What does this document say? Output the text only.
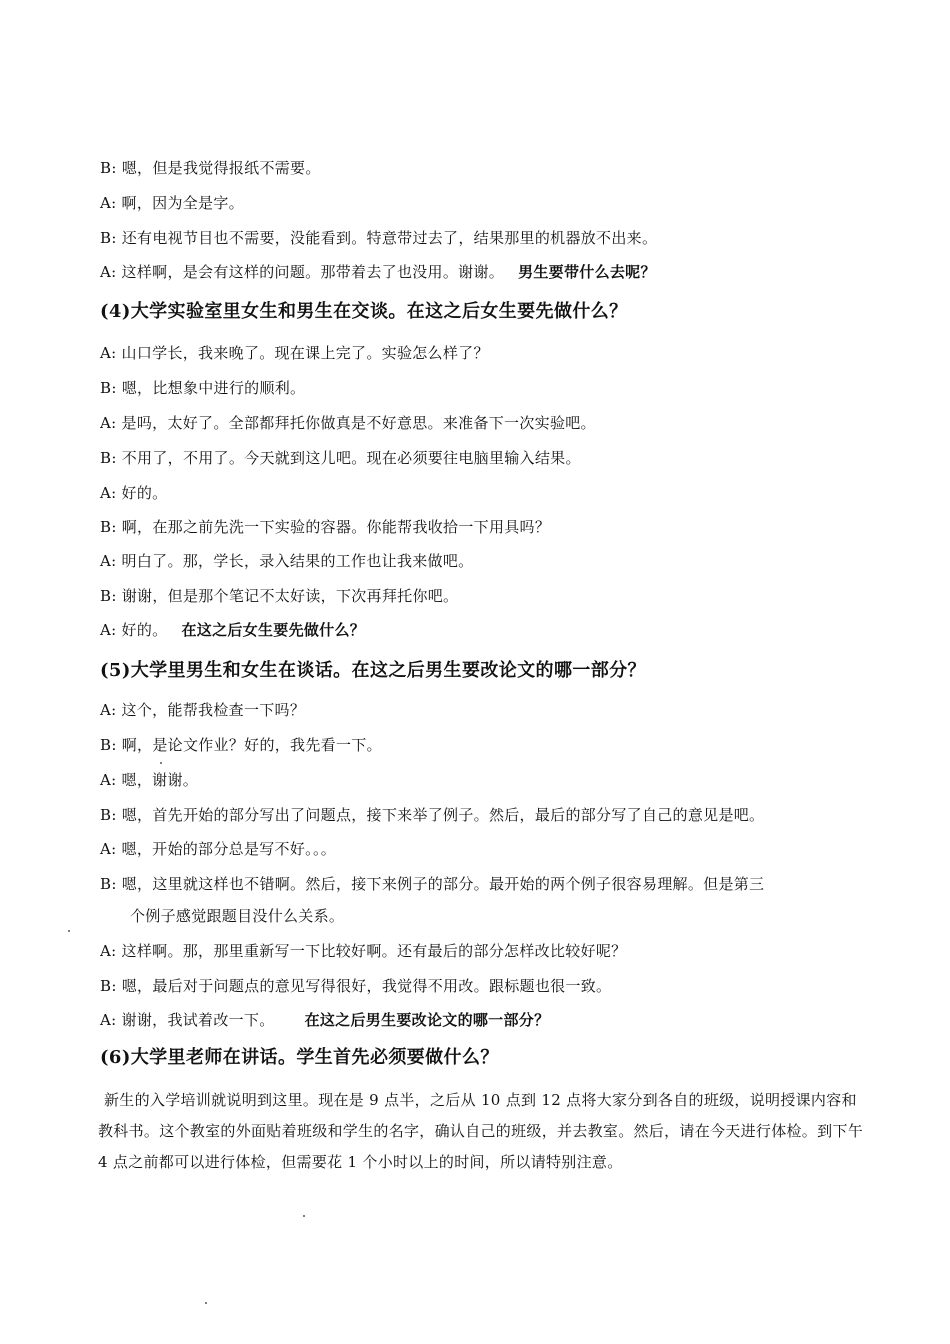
B: 嗯，但是我觉得报纸不需要。
A: 啊，因为全是字。
B: 还有电视节目也不需要，没能看到。特意带过去了，结果那里的机器放不出来。
A: 这样啊，是会有这样的问题。那带着去了也没用。谢谢。 男生要带什么去呢？
(4)大学实验室里女生和男生在交谈。在这之后女生要先做什么？
A: 山口学长，我来晚了。现在课上完了。实验怎么样了？
B: 嗯，比想象中进行的顺利。
A: 是吗，太好了。全部都拜托你做真是不好意思。来准备下一次实验吧。
B: 不用了，不用了。今天就到这儿吧。现在必须要往电脑里输入结果。
A: 好的。
B: 啊，在那之前先洗一下实验的容器。你能帮我收拾一下用具吗？
A: 明白了。那，学长，录入结果的工作也让我来做吧。
B: 谢谢，但是那个笔记不太好读，下次再拜托你吧。
A: 好的。 在这之后女生要先做什么？
(5)大学里男生和女生在谈话。在这之后男生要改论文的哪一部分？
A: 这个，能帮我检查一下吗？
B: 啊，是论文作业？好的，我先看一下。
A: 嗯，谢谢。
B: 嗯，首先开始的部分写出了问题点，接下来举了例子。然后，最后的部分写了自己的意见是吧。
A: 嗯，开始的部分总是写不好。。。
B: 嗯，这里就这样也不错啊。然后，接下来例子的部分。最开始的两个例子很容易理解。但是第三
个例子感觉跟题目没什么关系。
A: 这样啊。那，那里重新写一下比较好啊。还有最后的部分怎样改比较好呢？
B: 嗯，最后对于问题点的意见写得很好，我觉得不用改。跟标题也很一致。
A: 谢谢，我试着改一下。 在这之后男生要改论文的哪一部分？
(6)大学里老师在讲话。学生首先必须要做什么？
新生的入学培训就说明到这里。现在是 9 点半，之后从 10 点到 12 点将大家分到各自的班级，说明授课内容和教科书。这个教室的外面贴着班级和学生的名字，确认自己的班级，并去教室。然后，请在今天进行体检。到下午 4 点之前都可以进行体检，但需要花 1 个小时以上的时间，所以请特别注意。
